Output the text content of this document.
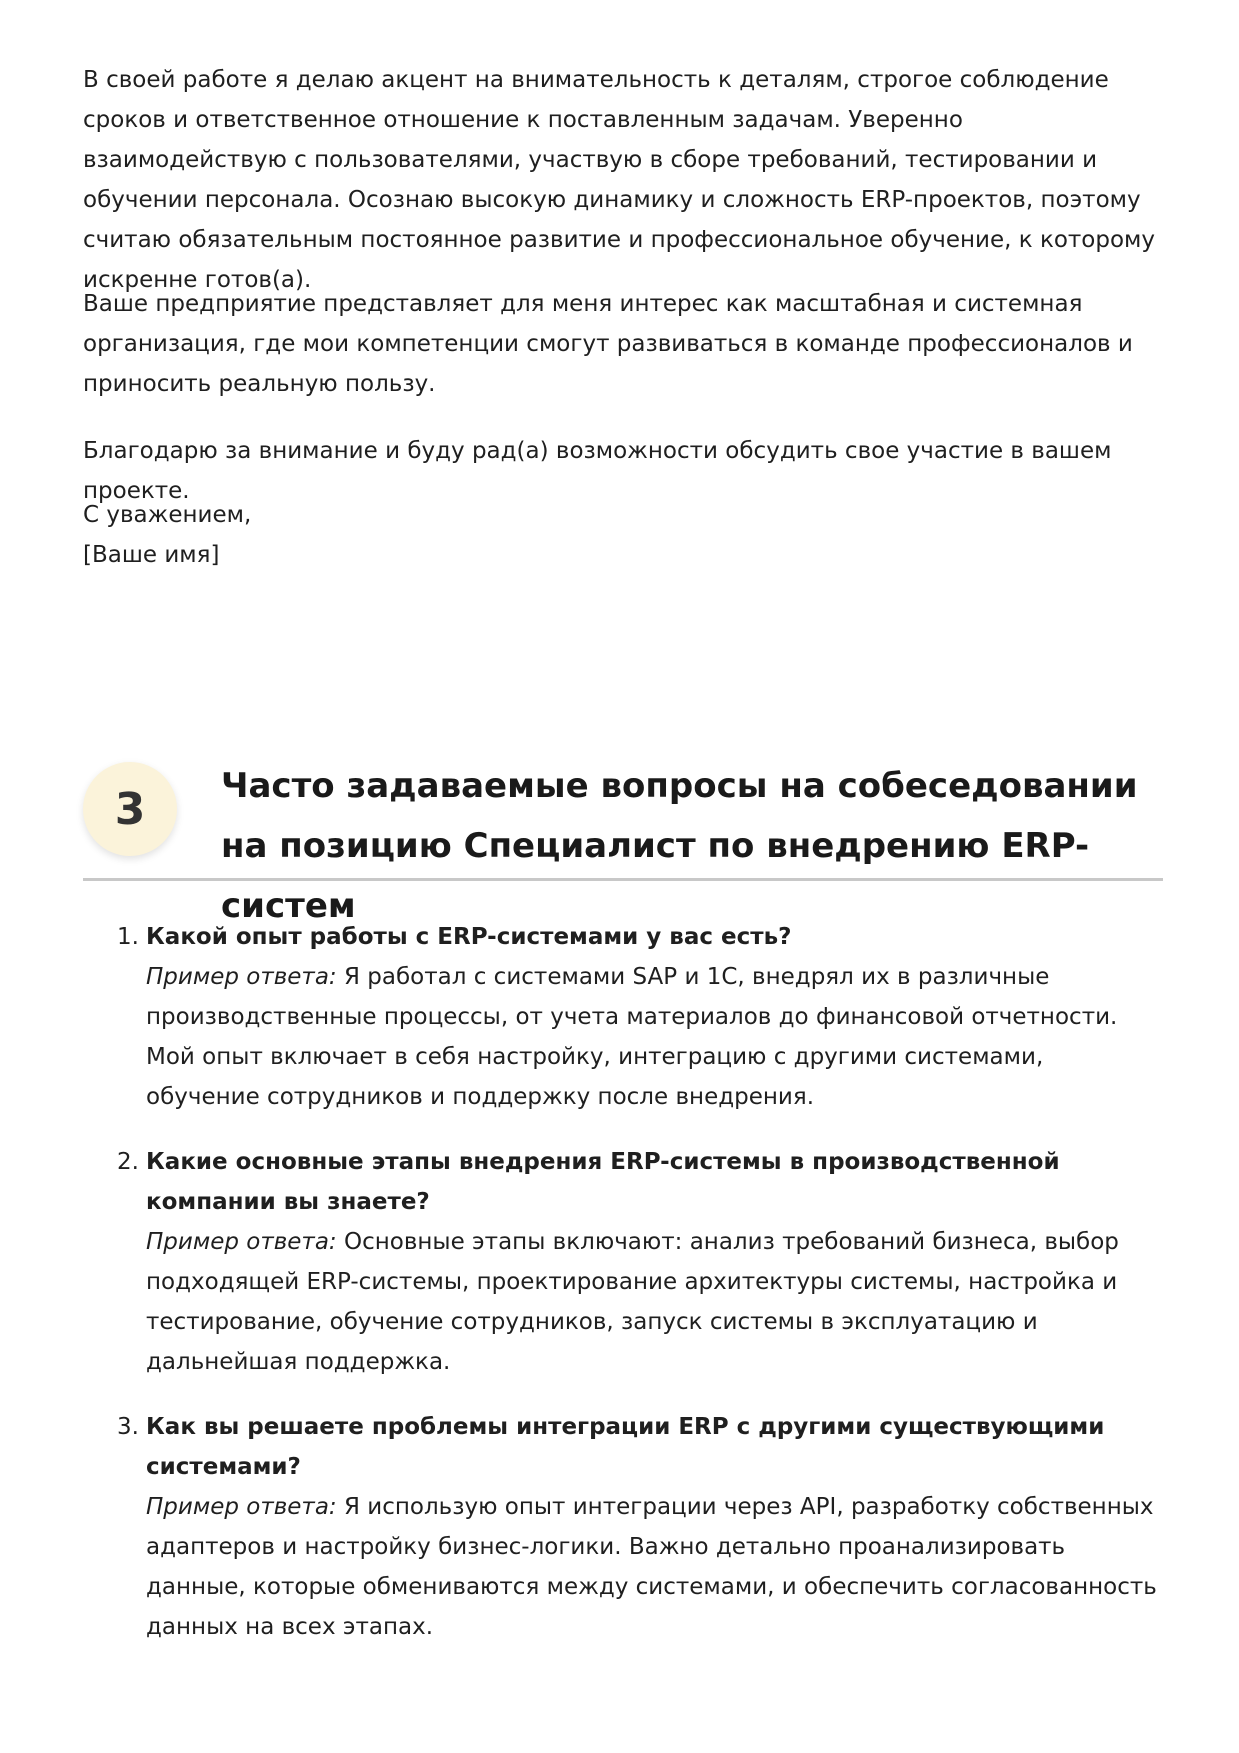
В своей работе я делаю акцент на внимательность к деталям, строгое соблюдение сроков и ответственное отношение к поставленным задачам. Уверенно взаимодействую с пользователями, участвую в сборе требований, тестировании и обучении персонала. Осознаю высокую динамику и сложность ERP-проектов, поэтому считаю обязательным постоянное развитие и профессиональное обучение, к которому искренне готов(а).

Ваше предприятие представляет для меня интерес как масштабная и системная организация, где мои компетенции смогут развиваться в команде профессионалов и приносить реальную пользу.

Благодарю за внимание и буду рад(а) возможности обсудить свое участие в вашем проекте.

С уважением,
[Ваше имя]
3	Часто задаваемые вопросы на собеседовании на позицию Специалист по внедрению ERP-систем
1. Какой опыт работы с ERP-системами у вас есть?
Пример ответа: Я работал с системами SAP и 1С, внедрял их в различные производственные процессы, от учета материалов до финансовой отчетности. Мой опыт включает в себя настройку, интеграцию с другими системами, обучение сотрудников и поддержку после внедрения.
2. Какие основные этапы внедрения ERP-системы в производственной компании вы знаете?
Пример ответа: Основные этапы включают: анализ требований бизнеса, выбор подходящей ERP-системы, проектирование архитектуры системы, настройка и тестирование, обучение сотрудников, запуск системы в эксплуатацию и дальнейшая поддержка.
3. Как вы решаете проблемы интеграции ERP с другими существующими системами?
Пример ответа: Я использую опыт интеграции через API, разработку собственных адаптеров и настройку бизнес-логики. Важно детально проанализировать данные, которые обмениваются между системами, и обеспечить согласованность данных на всех этапах.
